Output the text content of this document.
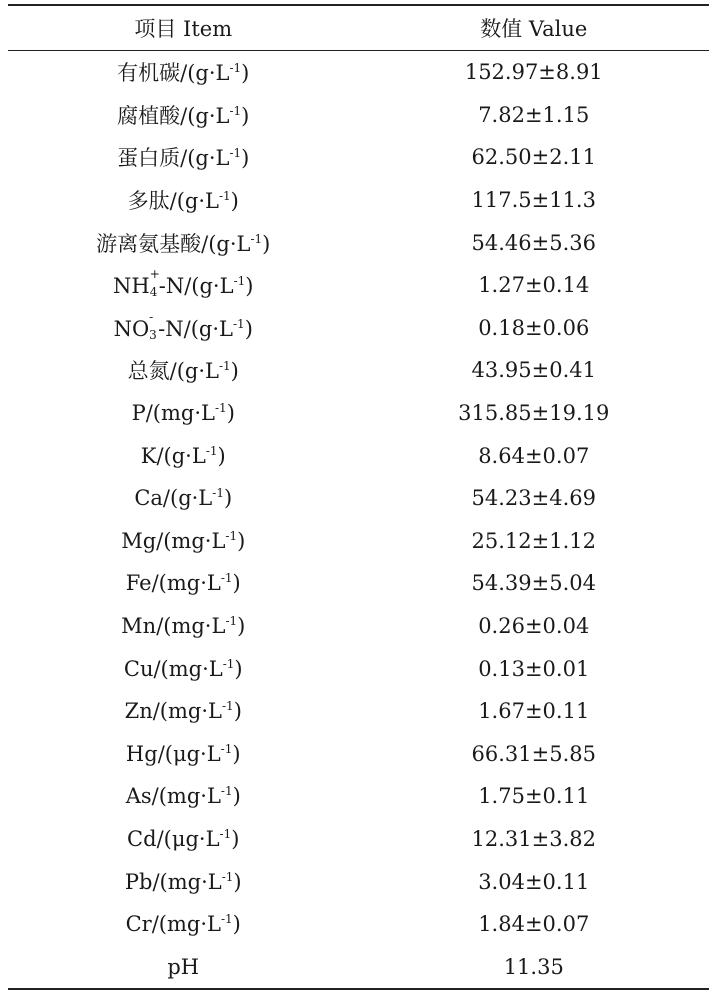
项目 Item	数值 Value
有机碳$/(g\cdot L^{-1})$	152.97±8.91
腐植酸$/(g\cdot L^{-1})$	7.82±1.15
蛋白质$/(g\cdot L^{-1})$	62.50±2.11
多肽$/(g\cdot L^{-1})$	117.5±11.3
游离氨基酸$/(g\cdot L^{-1})$	54.46±5.36
NH +
4 $-N/(g\cdot L^{-1})$	1.27±0.14
NO -
3 $-N/(g\cdot L^{-1})$	0.18±0.06
总氮$/(g\cdot L^{-1})$	43.95±0.41
$P/(mg\cdot L^{-1})$	315.85±19.19
$K/(g\cdot L^{-1})$	8.64±0.07
$Ca/(g\cdot L^{-1})$	54.23±4.69
$Mg/(mg\cdot L^{-1})$	25.12±1.12
$Fe/(mg\cdot L^{-1})$	54.39±5.04
$Mn/(mg\cdot L^{-1})$	0.26±0.04
$Cu/(mg\cdot L^{-1})$	0.13±0.01
$Zn/(mg\cdot L^{-1})$	1.67±0.11
$Hg/(\mu g\cdot L^{-1})$	66.31±5.85
$As/(mg\cdot L^{-1})$	1.75±0.11
$Cd/(\mu g\cdot L^{-1})$	12.31±3.82
$Pb/(mg\cdot L^{-1})$	3.04±0.11
$Cr/(mg\cdot L^{-1})$	1.84±0.07
pH	11.35
